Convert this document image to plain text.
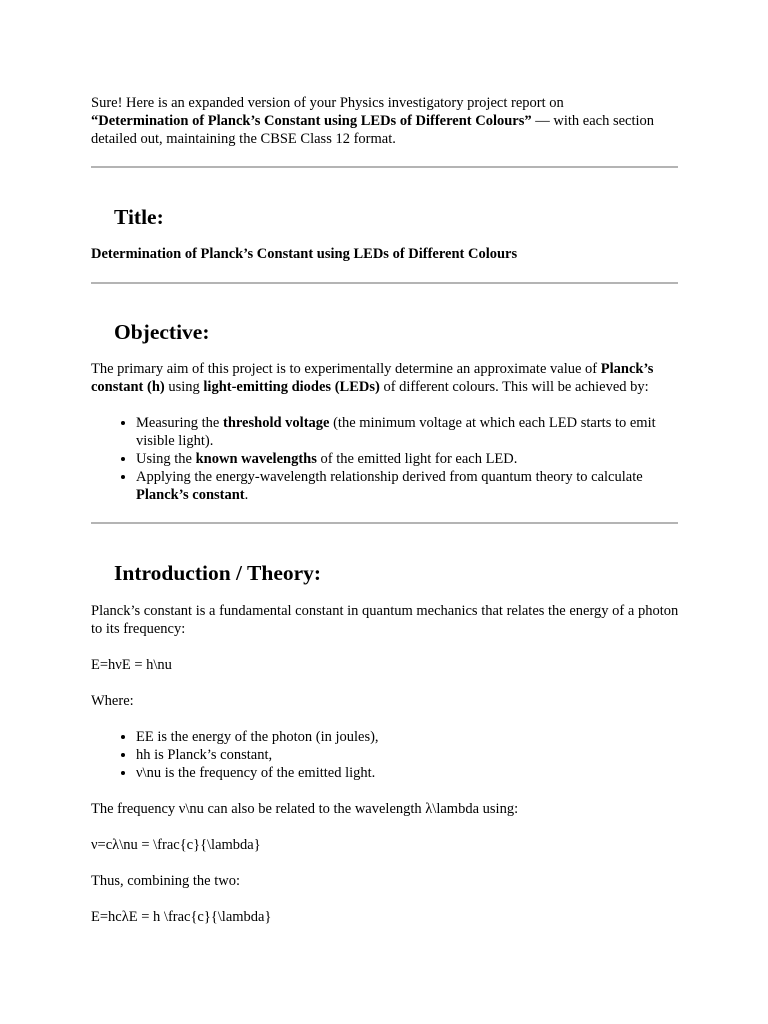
Sure! Here is an expanded version of your Physics investigatory project report on
“Determination of Planck’s Constant using LEDs of Different Colours” — with each section detailed out, maintaining the CBSE Class 12 format.

Title:

Determination of Planck’s Constant using LEDs of Different Colours

Objective:

The primary aim of this project is to experimentally determine an approximate value of Planck’s constant (h) using light-emitting diodes (LEDs) of different colours. This will be achieved by:

• Measuring the threshold voltage (the minimum voltage at which each LED starts to emit visible light).
• Using the known wavelengths of the emitted light for each LED.
• Applying the energy-wavelength relationship derived from quantum theory to calculate Planck’s constant.
Introduction / Theory:

Planck’s constant is a fundamental constant in quantum mechanics that relates the energy of a photon to its frequency:

E=hνE = h\nu

Where:

• EE is the energy of the photon (in joules),
• hh is Planck’s constant,
• ν\nu is the frequency of the emitted light.

The frequency ν\nu can also be related to the wavelength λ\lambda using:

ν=cλ\nu = \frac{c}{\lambda}

Thus, combining the two:

E=hcλE = h \frac{c}{\lambda}
